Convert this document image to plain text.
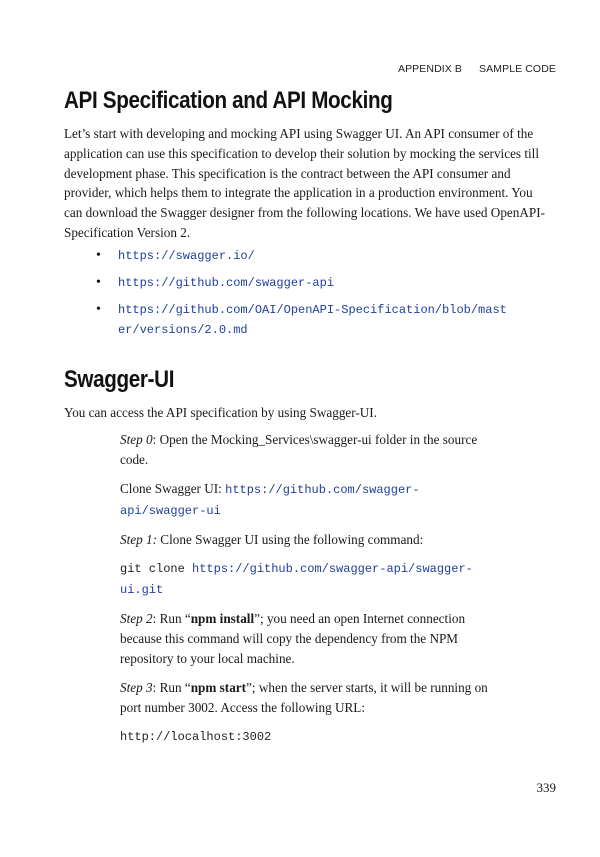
APPENDIX B SAMPLE CODE
API Specification and API Mocking

Let’s start with developing and mocking API using Swagger UI. An API consumer of the application can use this specification to develop their solution by mocking the services till development phase. This specification is the contract between the API consumer and provider, which helps them to integrate the application in a production environment. You can download the Swagger designer from the following locations. We have used OpenAPI-Specification Version 2.

• https://swagger.io/
• https://github.com/swagger-api
• https://github.com/OAI/OpenAPI-Specification/blob/master/versions/2.0.md
Swagger-UI

You can access the API specification by using Swagger-UI.

Step 0: Open the Mocking_Services\swagger-ui folder in the source code.

Clone Swagger UI: https://github.com/swagger-api/swagger-ui

Step 1: Clone Swagger UI using the following command:

git clone https://github.com/swagger-api/swagger-ui.git

Step 2: Run “npm install”; you need an open Internet connection because this command will copy the dependency from the NPM repository to your local machine.

Step 3: Run “npm start”; when the server starts, it will be running on port number 3002. Access the following URL:

http://localhost:3002

339
